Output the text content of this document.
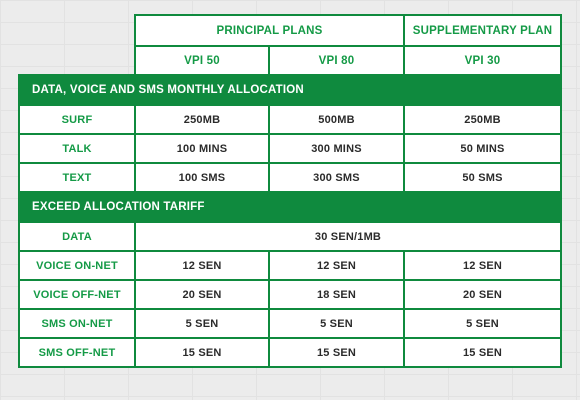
	PRINCIPAL PLANS		SUPPLEMENTARY PLAN
	VPI 50	VPI 80	VPI 30
DATA, VOICE AND SMS MONTHLY ALLOCATION			
SURF	250MB	500MB	250MB
TALK	100 MINS	300 MINS	50 MINS
TEXT	100 SMS	300 SMS	50 SMS
EXCEED ALLOCATION TARIFF			
DATA	30 SEN/1MB		
VOICE ON-NET	12 SEN	12 SEN	12 SEN
VOICE OFF-NET	20 SEN	18 SEN	20 SEN
SMS ON-NET	5 SEN	5 SEN	5 SEN
SMS OFF-NET	15 SEN	15 SEN	15 SEN
